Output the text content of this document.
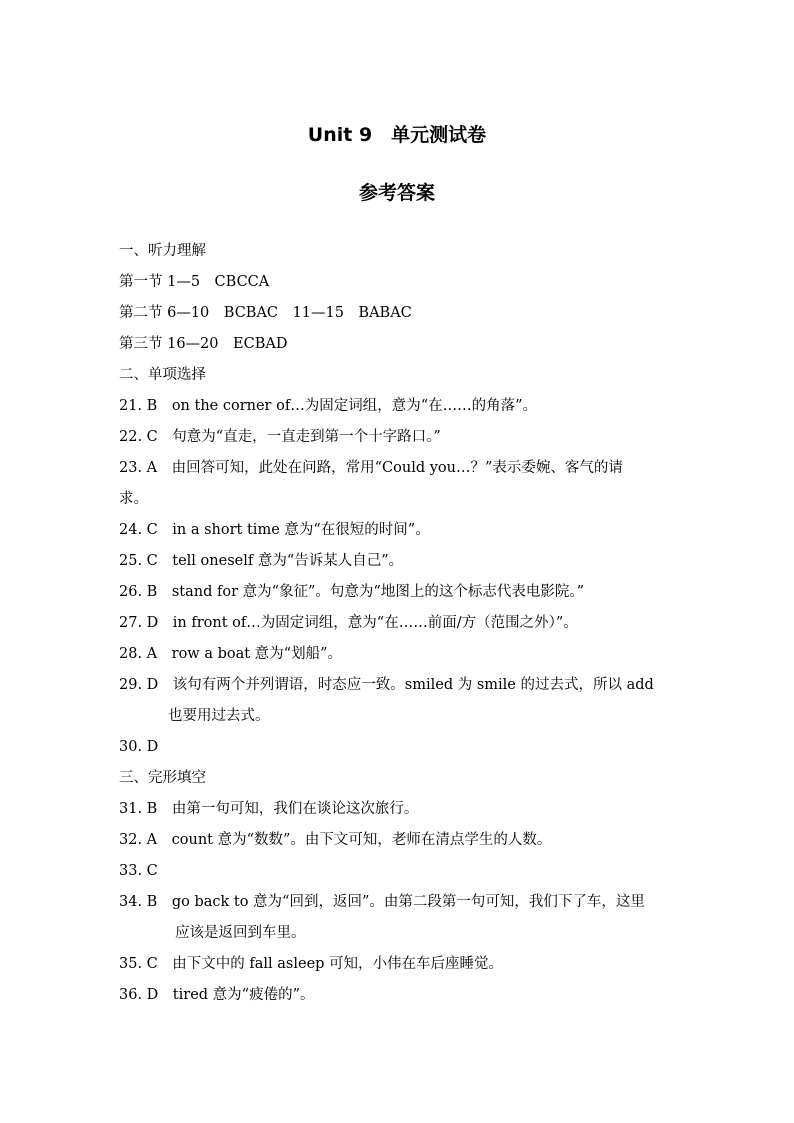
Unit 9　单元测试卷
参考答案
一、听力理解
第一节 1—5　CBCCA
第二节 6—10　BCBAC　11—15　BABAC
第三节 16—20　ECBAD
二、单项选择
21. B　on the corner of…为固定词组，意为“在……的角落”。
22. C　句意为“直走，一直走到第一个十字路口。”
23. A　由回答可知，此处在问路，常用“Could you…？”表示委婉、客气的请
求。
24. C　in a short time 意为“在很短的时间”。
25. C　tell oneself 意为“告诉某人自己”。
26. B　stand for 意为“象征”。句意为“地图上的这个标志代表电影院。”
27. D　in front of…为固定词组，意为“在……前面/方（范围之外）”。
28. A　row a boat 意为“划船”。
29. D　该句有两个并列谓语，时态应一致。smiled 为 smile 的过去式，所以 add
也要用过去式。
30. D
三、完形填空
31. B　由第一句可知，我们在谈论这次旅行。
32. A　count 意为“数数”。由下文可知，老师在清点学生的人数。
33. C
34. B　go back to 意为“回到，返回”。由第二段第一句可知，我们下了车，这里
应该是返回到车里。
35. C　由下文中的 fall asleep 可知，小伟在车后座睡觉。
36. D　tired 意为“疲倦的”。
